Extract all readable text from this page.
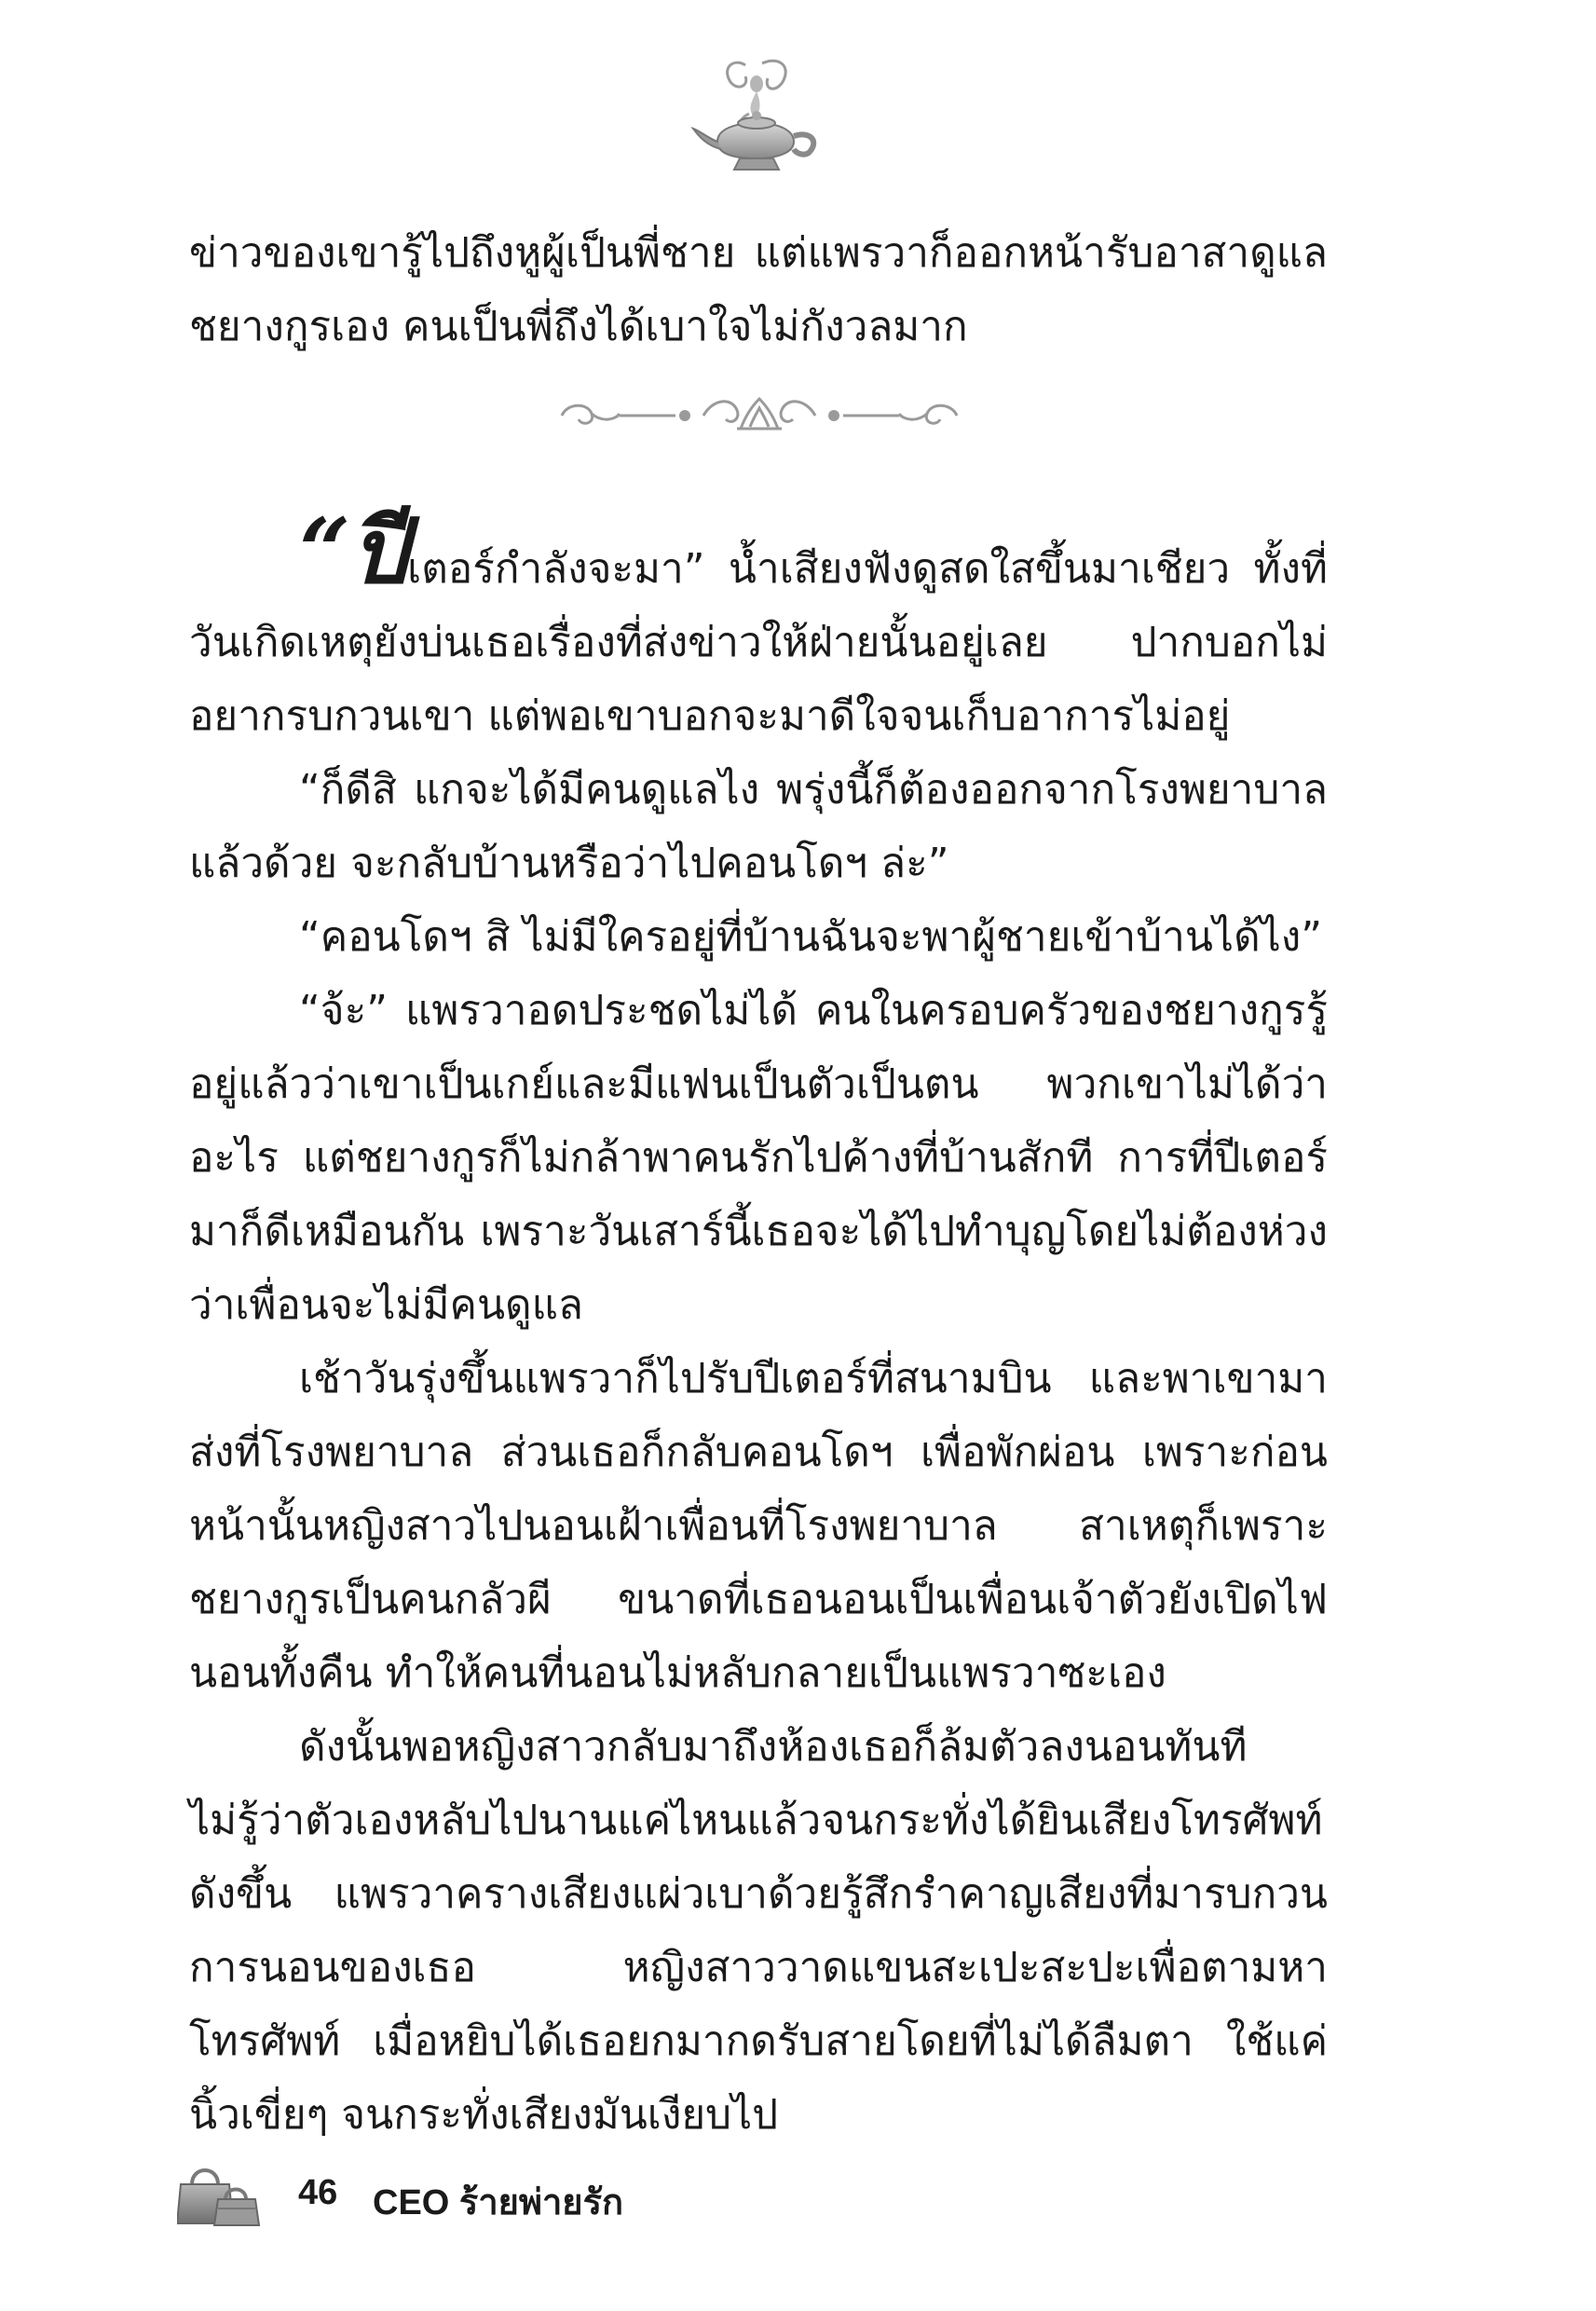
ข่าวของเขารู้ไปถึงหูผู้เป็นพี่ชาย แต่แพรวาก็ออกหน้ารับอาสาดูแลชยางกูรเอง คนเป็นพี่ถึงได้เบาใจไม่กังวลมาก

“ปีเตอร์กำลังจะมา” น้ำเสียงฟังดูสดใสขึ้นมาเชียว ทั้งที่วันเกิดเหตุยังบ่นเธอเรื่องที่ส่งข่าวให้ฝ่ายนั้นอยู่เลย ปากบอกไม่อยากรบกวนเขา แต่พอเขาบอกจะมาดีใจจนเก็บอาการไม่อยู่

“ก็ดีสิ แกจะได้มีคนดูแลไง พรุ่งนี้ก็ต้องออกจากโรงพยาบาลแล้วด้วย จะกลับบ้านหรือว่าไปคอนโดฯ ล่ะ”

“คอนโดฯ สิ ไม่มีใครอยู่ที่บ้านฉันจะพาผู้ชายเข้าบ้านได้ไง”

“จ้ะ” แพรวาอดประชดไม่ได้ คนในครอบครัวของชยางกูรรู้อยู่แล้วว่าเขาเป็นเกย์และมีแฟนเป็นตัวเป็นตน พวกเขาไม่ได้ว่าอะไร แต่ชยางกูรก็ไม่กล้าพาคนรักไปค้างที่บ้านสักที การที่ปีเตอร์มาก็ดีเหมือนกัน เพราะวันเสาร์นี้เธอจะได้ไปทำบุญโดยไม่ต้องห่วงว่าเพื่อนจะไม่มีคนดูแล

เช้าวันรุ่งขึ้นแพรวาก็ไปรับปีเตอร์ที่สนามบิน และพาเขามาส่งที่โรงพยาบาล ส่วนเธอก็กลับคอนโดฯ เพื่อพักผ่อน เพราะก่อนหน้านั้นหญิงสาวไปนอนเฝ้าเพื่อนที่โรงพยาบาล สาเหตุก็เพราะชยางกูรเป็นคนกลัวผี ขนาดที่เธอนอนเป็นเพื่อนเจ้าตัวยังเปิดไฟนอนทั้งคืน ทำให้คนที่นอนไม่หลับกลายเป็นแพรวาซะเอง

ดังนั้นพอหญิงสาวกลับมาถึงห้องเธอก็ล้มตัวลงนอนทันที ไม่รู้ว่าตัวเองหลับไปนานแค่ไหนแล้วจนกระทั่งได้ยินเสียงโทรศัพท์ดังขึ้น แพรวาครางเสียงแผ่วเบาด้วยรู้สึกรำคาญเสียงที่มารบกวนการนอนของเธอ หญิงสาววาดแขนสะเปะสะปะเพื่อตามหาโทรศัพท์ เมื่อหยิบได้เธอยกมากดรับสายโดยที่ไม่ได้ลืมตา ใช้แค่นิ้วเขี่ยๆ จนกระทั่งเสียงมันเงียบไป

46 CEO ร้ายพ่ายรัก
